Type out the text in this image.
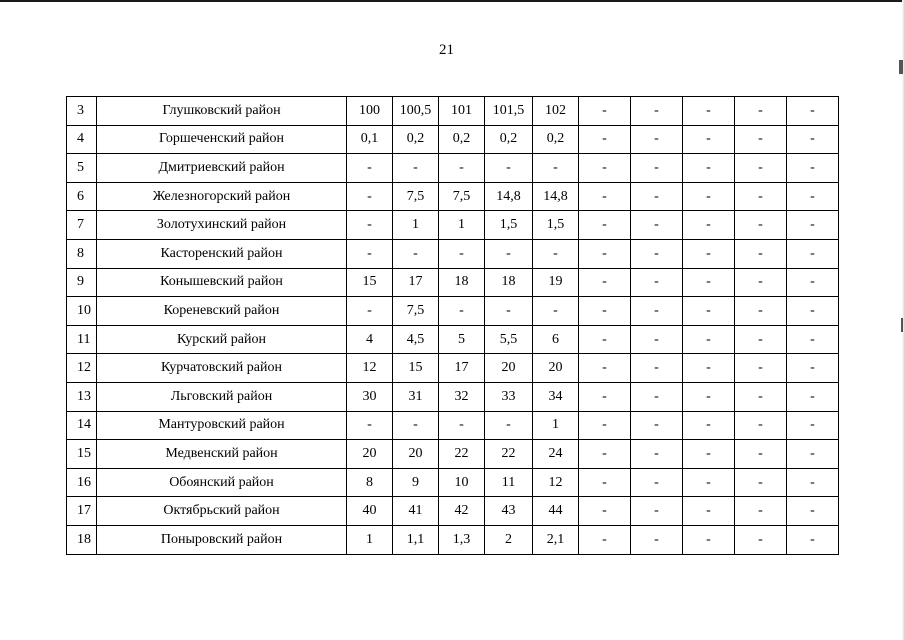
21
3	Глушковский район	100	100,5	101	101,5	102	-	-	-	-	-
4	Горшеченский район	0,1	0,2	0,2	0,2	0,2	-	-	-	-	-
5	Дмитриевский район	-	-	-	-	-	-	-	-	-	-
6	Железногорский район	-	7,5	7,5	14,8	14,8	-	-	-	-	-
7	Золотухинский район	-	1	1	1,5	1,5	-	-	-	-	-
8	Касторенский район	-	-	-	-	-	-	-	-	-	-
9	Конышевский район	15	17	18	18	19	-	-	-	-	-
10	Кореневский район	-	7,5	-	-	-	-	-	-	-	-
11	Курский район	4	4,5	5	5,5	6	-	-	-	-	-
12	Курчатовский район	12	15	17	20	20	-	-	-	-	-
13	Льговский район	30	31	32	33	34	-	-	-	-	-
14	Мантуровский район	-	-	-	-	1	-	-	-	-	-
15	Медвенский район	20	20	22	22	24	-	-	-	-	-
16	Обоянский район	8	9	10	11	12	-	-	-	-	-
17	Октябрьский район	40	41	42	43	44	-	-	-	-	-
18	Поныровский район	1	1,1	1,3	2	2,1	-	-	-	-	-
